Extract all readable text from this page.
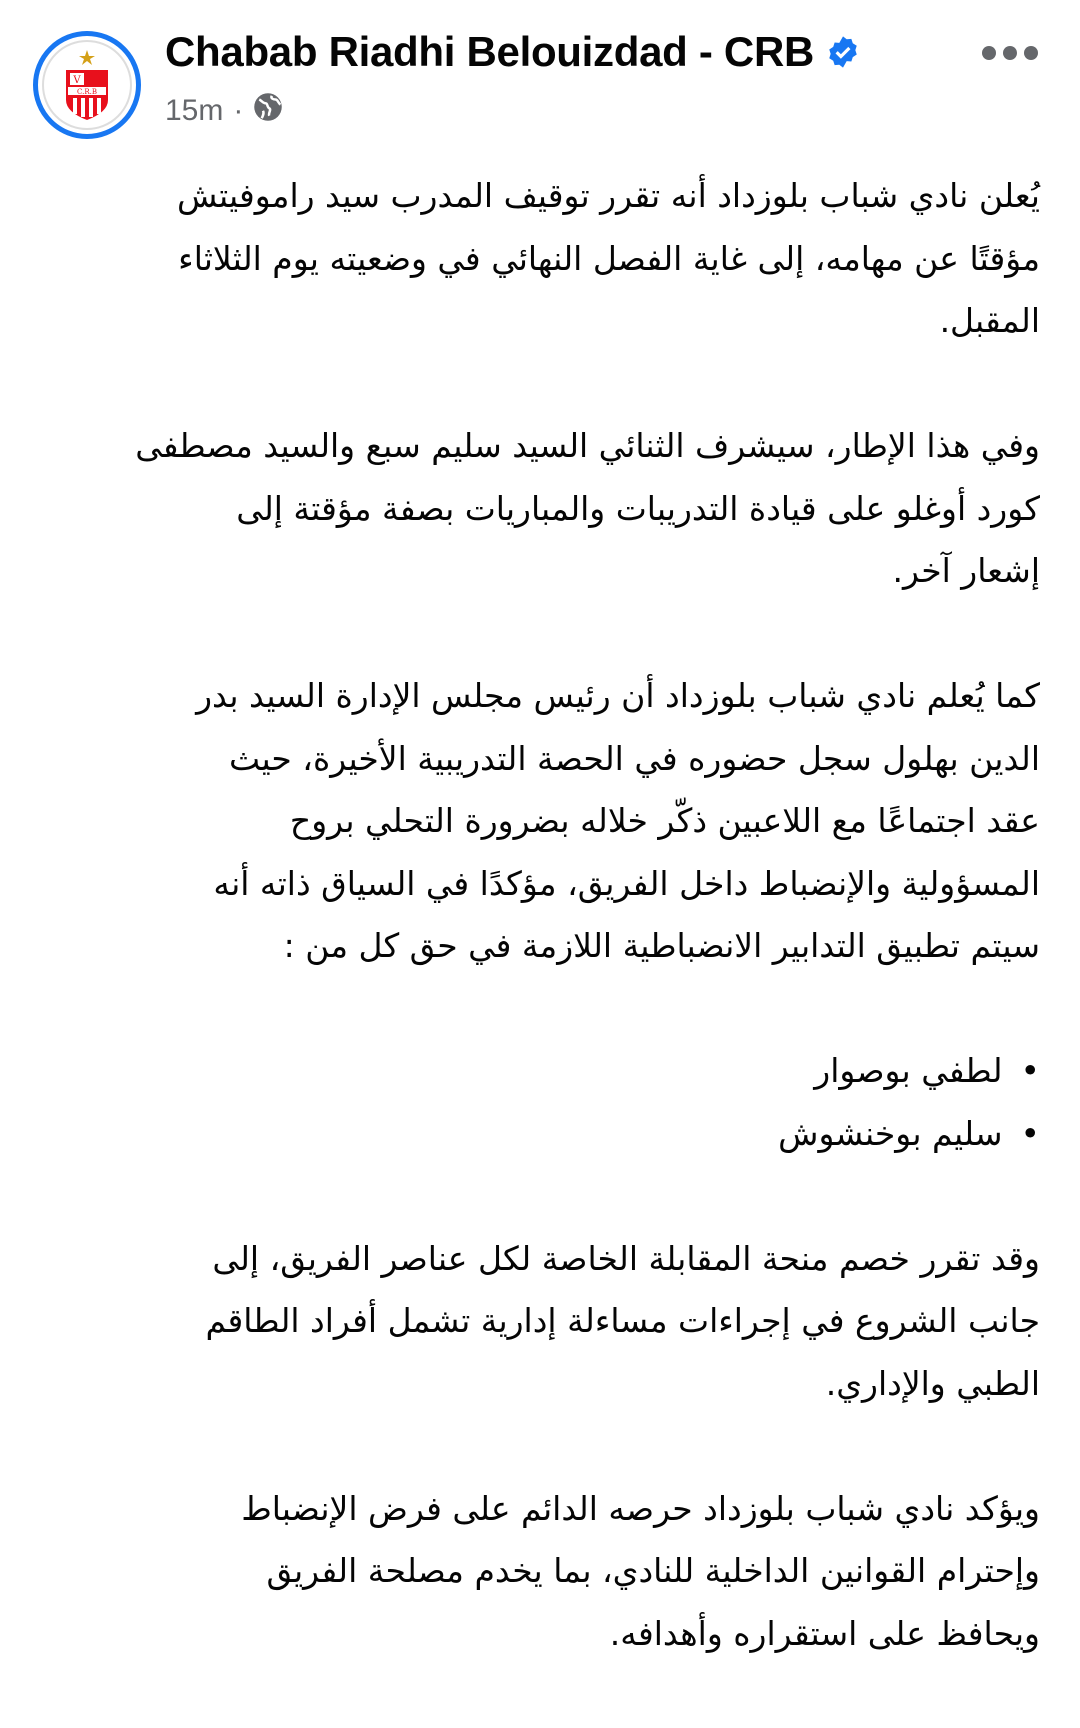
V
C.R.B
Chabab Riadhi Belouizdad - CRB
15m ·
يُعلن نادي شباب بلوزداد أنه تقرر توقيف المدرب سيد راموفيتش
مؤقتًا عن مهامه، إلى غاية الفصل النهائي في وضعيته يوم الثلاثاء
المقبل.
وفي هذا الإطار، سيشرف الثنائي السيد سليم سبع والسيد مصطفى
كورد أوغلو على قيادة التدريبات والمباريات بصفة مؤقتة إلى
إشعار آخر.
كما يُعلم نادي شباب بلوزداد أن رئيس مجلس الإدارة السيد بدر
الدين بهلول سجل حضوره في الحصة التدريبية الأخيرة، حيث
عقد اجتماعًا مع اللاعبين ذكّر خلاله بضرورة التحلي بروح
المسؤولية والإنضباط داخل الفريق، مؤكدًا في السياق ذاته أنه
سيتم تطبيق التدابير الانضباطية اللازمة في حق كل من :
• لطفي بوصوار
• سليم بوخنشوش
وقد تقرر خصم منحة المقابلة الخاصة لكل عناصر الفريق، إلى
جانب الشروع في إجراءات مساءلة إدارية تشمل أفراد الطاقم
الطبي والإداري.
ويؤكد نادي شباب بلوزداد حرصه الدائم على فرض الإنضباط
وإحترام القوانين الداخلية للنادي، بما يخدم مصلحة الفريق
ويحافظ على استقراره وأهدافه.
